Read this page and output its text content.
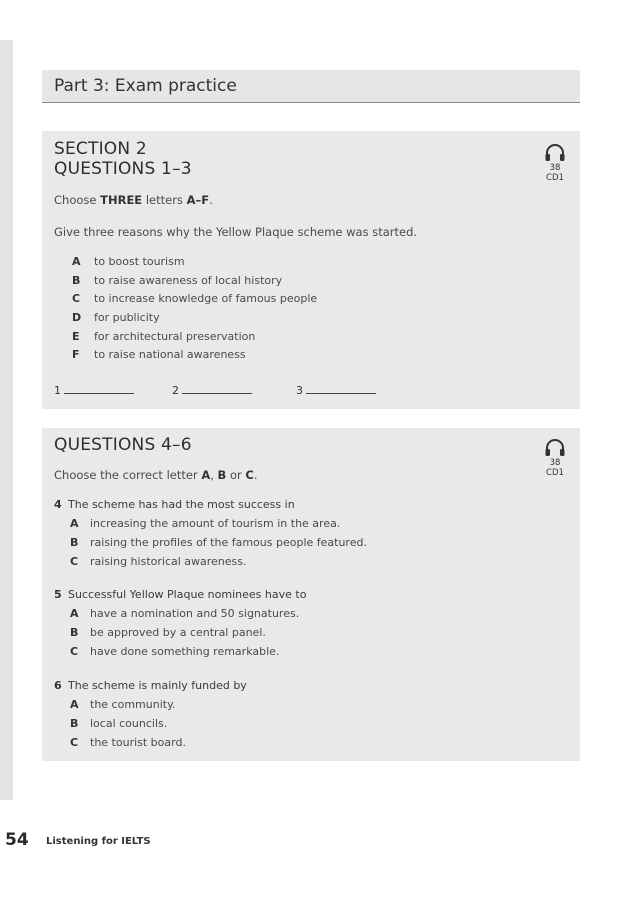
Part 3: Exam practice
SECTION 2
QUESTIONS 1–3	38
CD1
Choose THREE letters A–F.
Give three reasons why the Yellow Plaque scheme was started.
A to boost tourism
B to raise awareness of local history
C to increase knowledge of famous people
D for publicity
E for architectural preservation
F to raise national awareness
1	2	3
QUESTIONS 4–6
38
CD1
Choose the correct letter A, B or C.
4 The scheme has had the most success in
A increasing the amount of tourism in the area.
B raising the profiles of the famous people featured.
C raising historical awareness.
5 Successful Yellow Plaque nominees have to
A have a nomination and 50 signatures.
B be approved by a central panel.
C have done something remarkable.
6 The scheme is mainly funded by
A the community.
B local councils.
C the tourist board.
54 Listening for IELTS
